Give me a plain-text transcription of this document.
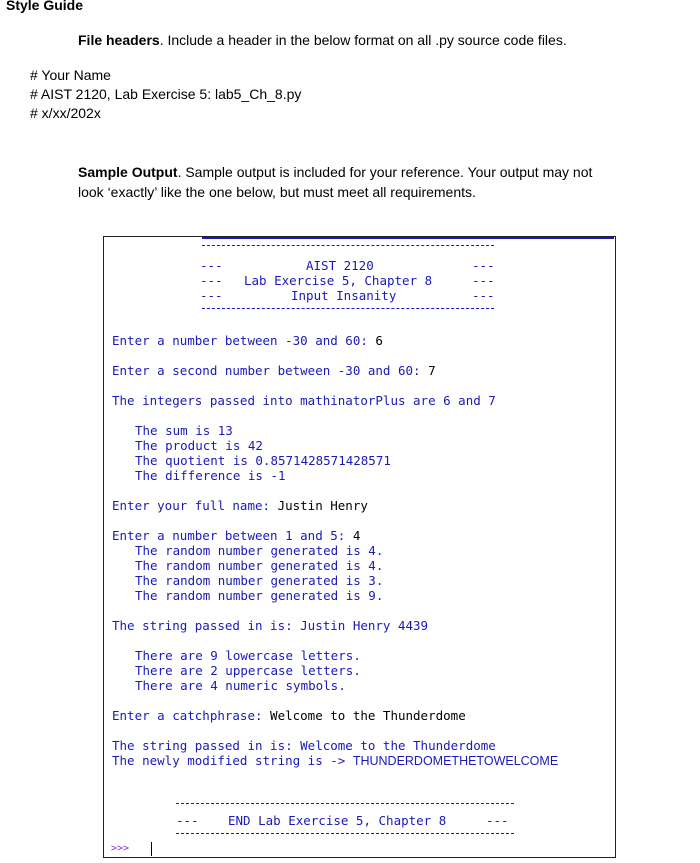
Style Guide
File headers. Include a header in the below format on all .py source code files.
# Your Name
# AIST 2120, Lab Exercise 5: lab5_Ch_8.py
# x/xx/202x
Sample Output. Sample output is included for your reference. Your output may not
look ‘exactly’ like the one below, but must meet all requirements.
---
---
---
---
---
---
AIST 2120
Lab Exercise 5, Chapter 8
Input Insanity
Enter a number between -30 and 60: 6
Enter a second number between -30 and 60: 7
The integers passed into mathinatorPlus are 6 and 7
The sum is 13
The product is 42
The quotient is 0.8571428571428571
The difference is -1
Enter your full name: Justin Henry
Enter a number between 1 and 5: 4
The random number generated is 4.
The random number generated is 4.
The random number generated is 3.
The random number generated is 9.
The string passed in is: Justin Henry 4439
There are 9 lowercase letters.
There are 2 uppercase letters.
There are 4 numeric symbols.
Enter a catchphrase: Welcome to the Thunderdome
The string passed in is: Welcome to the Thunderdome
The newly modified string is -> THUNDERDOMETHETOWELCOME
--- END Lab Exercise 5, Chapter 8	---
>>>
